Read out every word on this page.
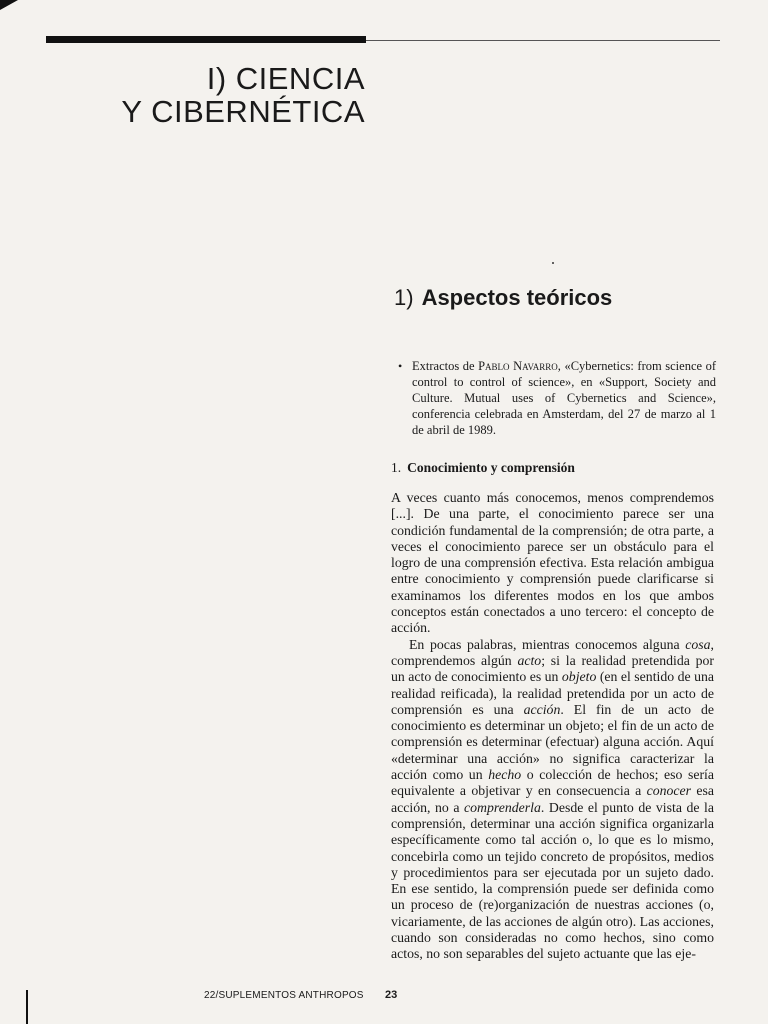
I) CIENCIA
Y CIBERNÉTICA
1) Aspectos teóricos
• Extractos de Pablo Navarro, «Cybernetics: from science of control to control of science», en «Support, Society and Culture. Mutual uses of Cybernetics and Science», conferencia celebrada en Amsterdam, del 27 de marzo al 1 de abril de 1989.
1. Conocimiento y comprensión

A veces cuanto más conocemos, menos comprendemos [...]. De una parte, el conocimiento parece ser una condición fundamental de la comprensión; de otra parte, a veces el conocimiento parece ser un obstáculo para el logro de una comprensión efectiva. Esta relación ambigua entre conocimiento y comprensión puede clarificarse si examinamos los diferentes modos en los que ambos conceptos están conectados a uno tercero: el concepto de acción.

En pocas palabras, mientras conocemos alguna cosa, comprendemos algún acto; si la realidad pretendida por un acto de conocimiento es un objeto (en el sentido de una realidad reificada), la realidad pretendida por un acto de comprensión es una acción. El fin de un acto de conocimiento es determinar un objeto; el fin de un acto de comprensión es determinar (efectuar) alguna acción. Aquí «determinar una acción» no significa caracterizar la acción como un hecho o colección de hechos; eso sería equivalente a objetivar y en consecuencia a conocer esa acción, no a comprenderla. Desde el punto de vista de la comprensión, determinar una acción significa organizarla específicamente como tal acción o, lo que es lo mismo, concebirla como un tejido concreto de propósitos, medios y procedimientos para ser ejecutada por un sujeto dado. En ese sentido, la comprensión puede ser definida como un proceso de (re)organización de nuestras acciones (o, vicariamente, de las acciones de algún otro). Las acciones, cuando son consideradas no como hechos, sino como actos, no son separables del sujeto actuante que las eje-

22/SUPLEMENTOS ANTHROPOS 23
